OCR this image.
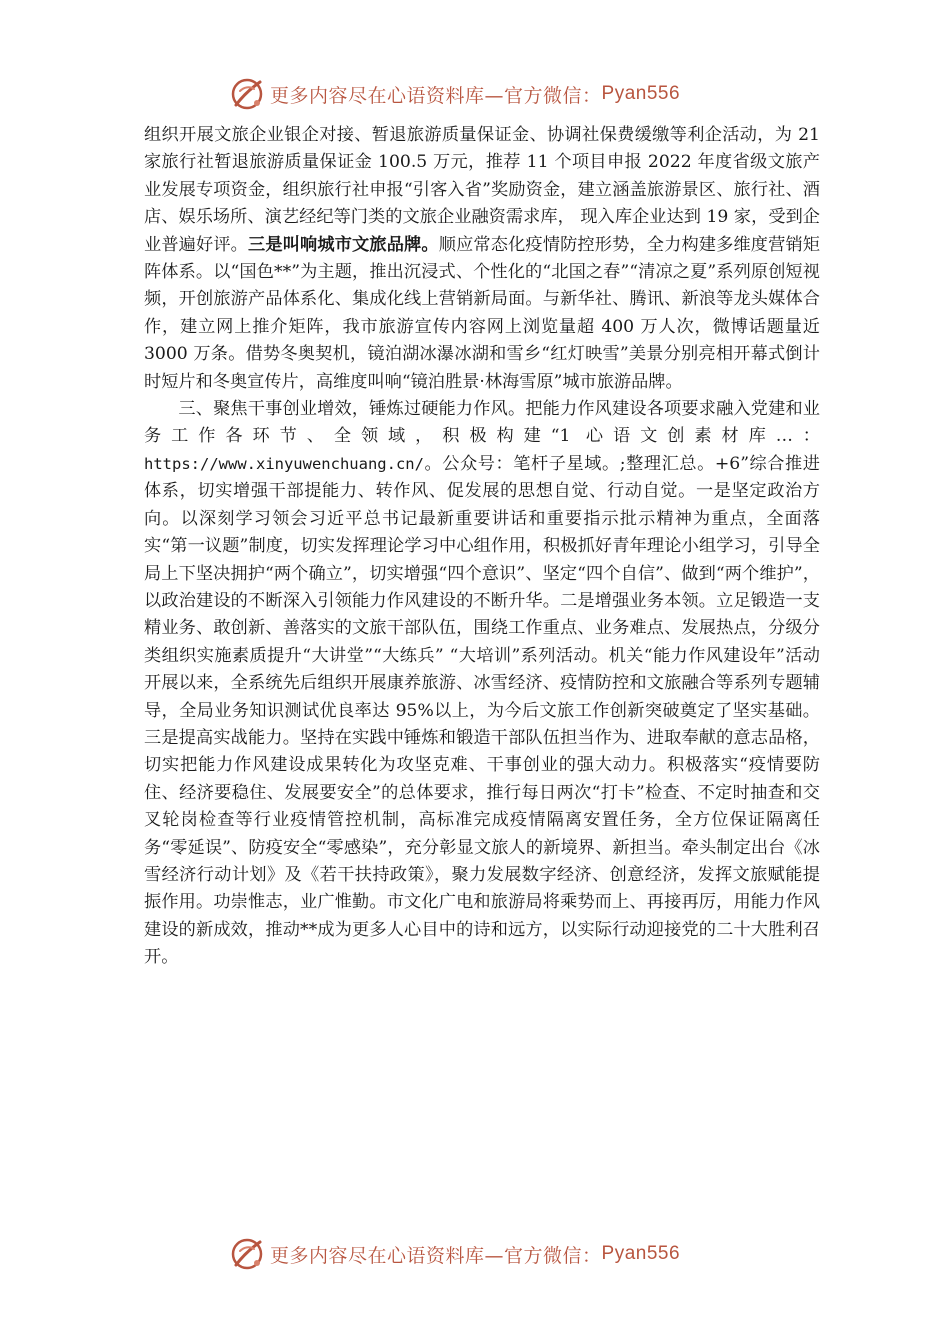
更多内容尽在心语资料库—官方微信： Pyan556

组织开展文旅企业银企对接、暂退旅游质量保证金、协调社保费缓缴等利企活动，为 21 家旅行社暂退旅游质量保证金 100.5 万元，推荐 11 个项目申报 2022 年度省级文旅产业发展专项资金，组织旅行社申报“引客入省”奖励资金，建立涵盖旅游景区、旅行社、酒店、娱乐场所、演艺经纪等门类的文旅企业融资需求库， 现入库企业达到 19 家，受到企业普遍好评。三是叫响城市文旅品牌。顺应常态化疫情防控形势，全力构建多维度营销矩阵体系。以“国色**”为主题，推出沉浸式、个性化的“北国之春”“清凉之夏”系列原创短视频，开创旅游产品体系化、集成化线上营销新局面。与新华社、腾讯、新浪等龙头媒体合作，建立网上推介矩阵，我市旅游宣传内容网上浏览量超 400 万人次，微博话题量近 3000 万条。借势冬奥契机，镜泊湖冰瀑冰湖和雪乡“红灯映雪”美景分别亮相开幕式倒计时短片和冬奥宣传片，高维度叫响“镜泊胜景·林海雪原”城市旅游品牌。

三、聚焦干事创业增效，锤炼过硬能力作风。把能力作风建设各项要求融入党建和业务工作各环节、全领域，积极构建“1 心语文创素材库…：https://www.xinyuwenchuang.cn/。公众号：笔杆子星域。;整理汇总。+6”综合推进体系，切实增强干部提能力、转作风、促发展的思想自觉、行动自觉。一是坚定政治方向。以深刻学习领会习近平总书记最新重要讲话和重要指示批示精神为重点，全面落实“第一议题”制度，切实发挥理论学习中心组作用，积极抓好青年理论小组学习，引导全局上下坚决拥护“两个确立”，切实增强“四个意识”、坚定“四个自信”、做到“两个维护”，以政治建设的不断深入引领能力作风建设的不断升华。二是增强业务本领。立足锻造一支精业务、敢创新、善落实的文旅干部队伍，围绕工作重点、业务难点、发展热点，分级分类组织实施素质提升“大讲堂”“大练兵” “大培训”系列活动。机关“能力作风建设年”活动开展以来，全系统先后组织开展康养旅游、冰雪经济、疫情防控和文旅融合等系列专题辅导，全局业务知识测试优良率达 95%以上，为今后文旅工作创新突破奠定了坚实基础。三是提高实战能力。坚持在实践中锤炼和锻造干部队伍担当作为、进取奉献的意志品格，切实把能力作风建设成果转化为攻坚克难、干事创业的强大动力。积极落实“疫情要防住、经济要稳住、发展要安全”的总体要求，推行每日两次“打卡”检查、不定时抽查和交叉轮岗检查等行业疫情管控机制，高标准完成疫情隔离安置任务，全方位保证隔离任务“零延误”、防疫安全“零感染”，充分彰显文旅人的新境界、新担当。牵头制定出台《冰雪经济行动计划》及《若干扶持政策》，聚力发展数字经济、创意经济，发挥文旅赋能提振作用。功崇惟志，业广惟勤。市文化广电和旅游局将乘势而上、再接再厉，用能力作风建设的新成效，推动**成为更多人心目中的诗和远方，以实际行动迎接党的二十大胜利召开。

更多内容尽在心语资料库—官方微信： Pyan556
